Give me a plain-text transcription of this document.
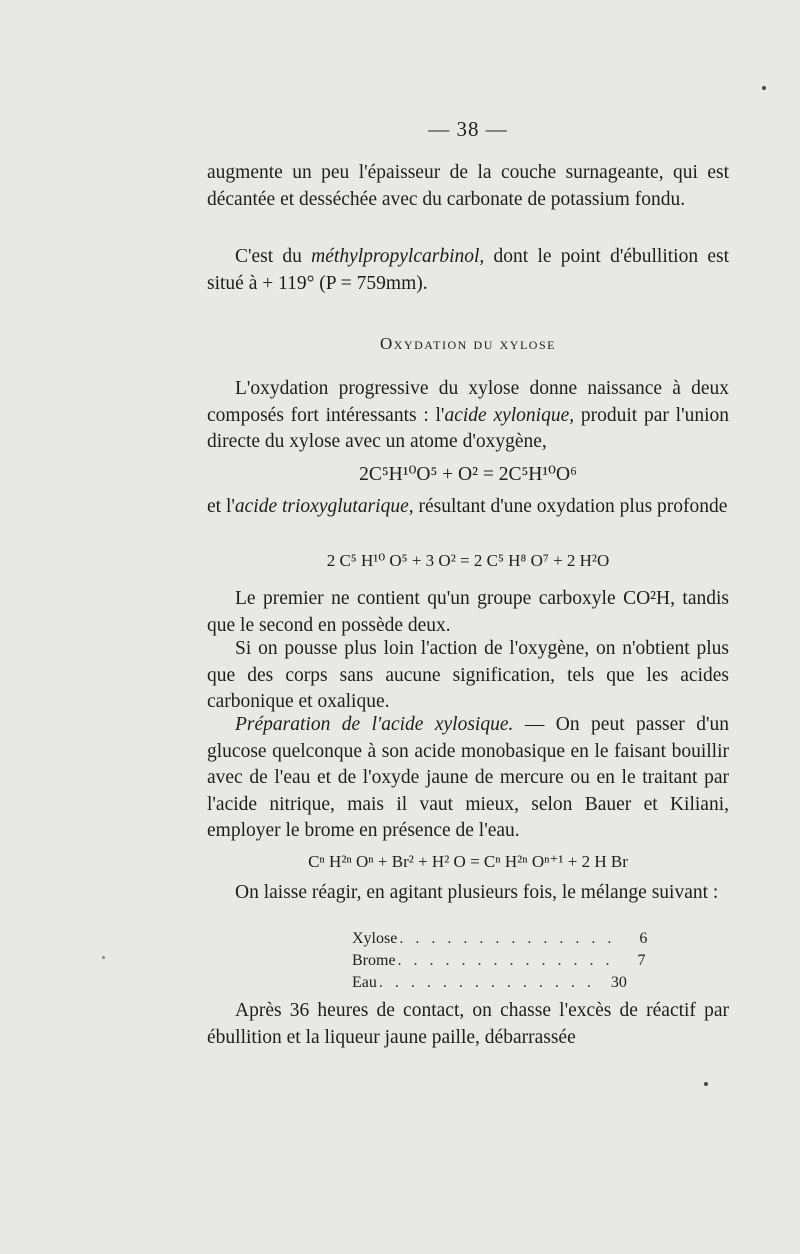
— 38 —
augmente un peu l'épaisseur de la couche surnageante, qui est décantée et desséchée avec du carbonate de potassium fondu.
C'est du méthylpropylcarbinol, dont le point d'ébullition est situé à + 119° (P = 759mm).
Oxydation du xylose
L'oxydation progressive du xylose donne naissance à deux composés fort intéressants : l'acide xylonique, produit par l'union directe du xylose avec un atome d'oxygène,
2C⁵H¹⁰O⁵ + O² = 2C⁵H¹⁰O⁶
et l'acide trioxyglutarique, résultant d'une oxydation plus profonde
2 C⁵ H¹⁰ O⁵ + 3 O² = 2 C⁵ H⁸ O⁷ + 2 H²O
Le premier ne contient qu'un groupe carboxyle CO²H, tandis que le second en possède deux.
Si on pousse plus loin l'action de l'oxygène, on n'obtient plus que des corps sans aucune signification, tels que les acides carbonique et oxalique.
Préparation de l'acide xylosique. — On peut passer d'un glucose quelconque à son acide monobasique en le faisant bouillir avec de l'eau et de l'oxyde jaune de mercure ou en le traitant par l'acide nitrique, mais il vaut mieux, selon Bauer et Kiliani, employer le brome en présence de l'eau.
Cⁿ H²ⁿ Oⁿ + Br² + H² O = Cⁿ H²ⁿ Oⁿ⁺¹ + 2 H Br
On laisse réagir, en agitant plusieurs fois, le mélange suivant :
Xylose . . . . . . . . . . . . . .	6
Brome . . . . . . . . . . . . . .	7
Eau . . . . . . . . . . . . . .	30
Après 36 heures de contact, on chasse l'excès de réactif par ébullition et la liqueur jaune paille, débarrassée
